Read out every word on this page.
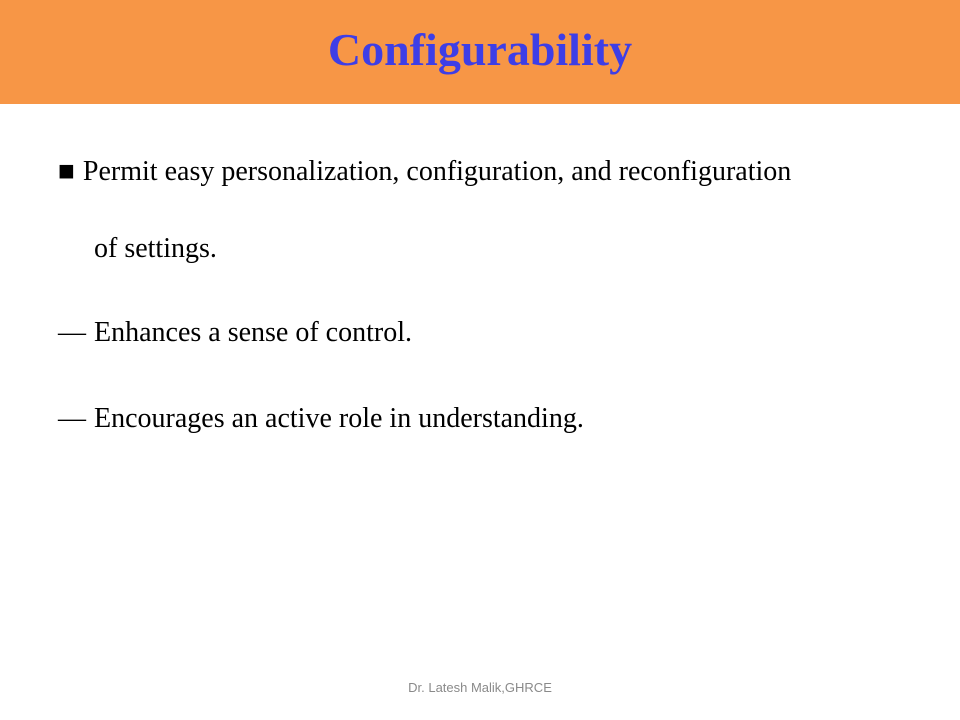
Configurability
■ Permit easy personalization, configuration, and reconfiguration
of settings.
— Enhances a sense of control.
— Encourages an active role in understanding.
Dr. Latesh Malik,GHRCE
